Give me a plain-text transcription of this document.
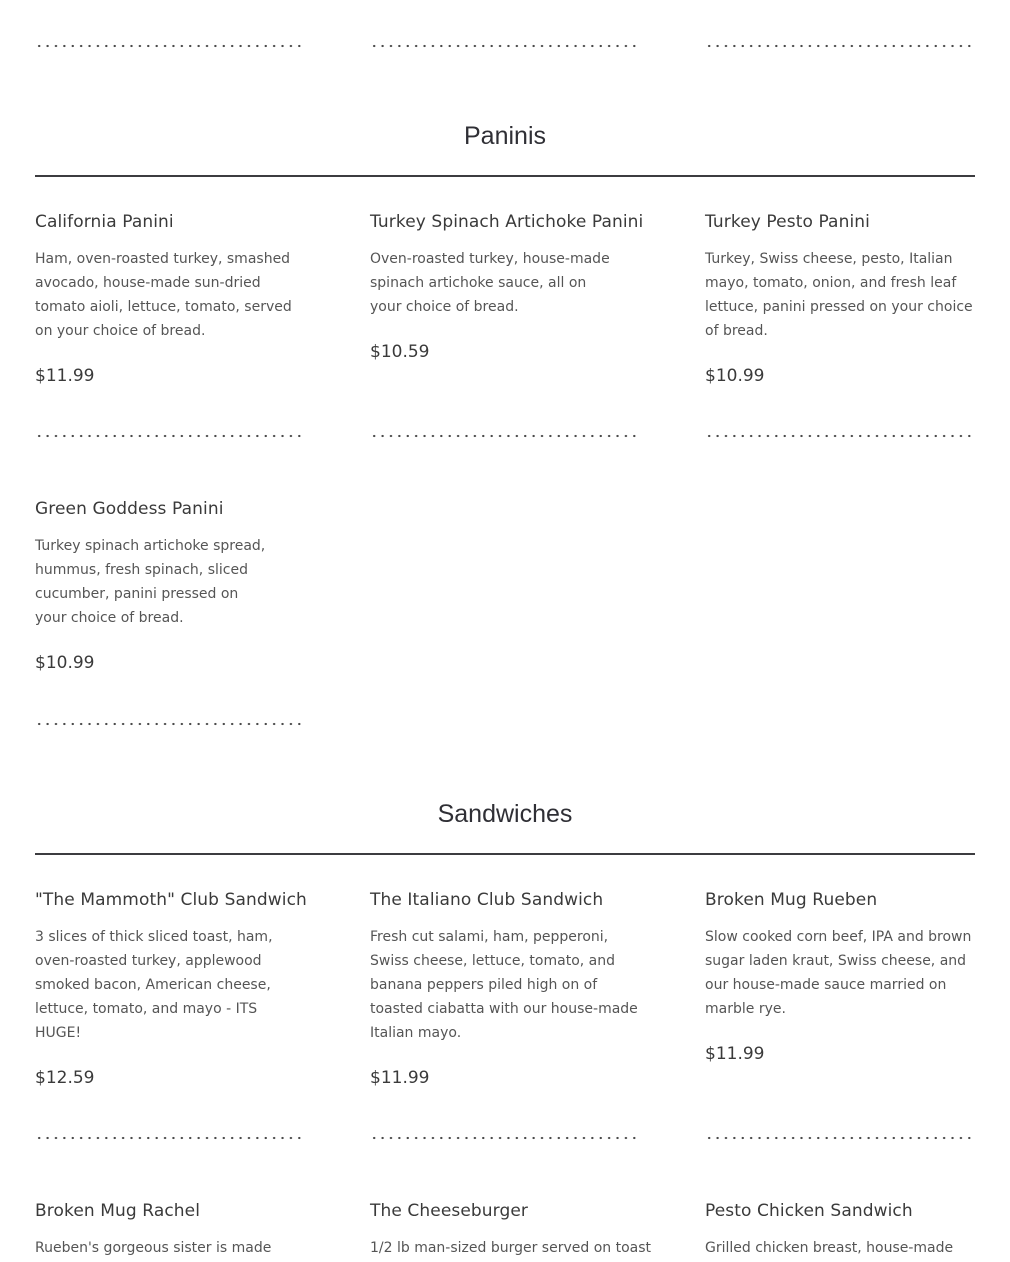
Paninis
California Panini
Ham, oven-roasted turkey, smashed avocado, house-made sun-dried tomato aioli, lettuce, tomato, served on your choice of bread.
$11.99
Turkey Spinach Artichoke Panini
Oven-roasted turkey, house-made spinach artichoke sauce, all on your choice of bread.
$10.59
Turkey Pesto Panini
Turkey, Swiss cheese, pesto, Italian mayo, tomato, onion, and fresh leaf lettuce, panini pressed on your choice of bread.
$10.99
Green Goddess Panini
Turkey spinach artichoke spread, hummus, fresh spinach, sliced cucumber, panini pressed on your choice of bread.
$10.99
Sandwiches
"The Mammoth" Club Sandwich
3 slices of thick sliced toast, ham, oven-roasted turkey, applewood smoked bacon, American cheese, lettuce, tomato, and mayo - ITS HUGE!
$12.59
The Italiano Club Sandwich
Fresh cut salami, ham, pepperoni, Swiss cheese, lettuce, tomato, and banana peppers piled high on of toasted ciabatta with our house-made Italian mayo.
$11.99
Broken Mug Rueben
Slow cooked corn beef, IPA and brown sugar laden kraut, Swiss cheese, and our house-made sauce married on marble rye.
$11.99
Broken Mug Rachel
Rueben's gorgeous sister is made
The Cheeseburger
1/2 lb man-sized burger served on toast
Pesto Chicken Sandwich
Grilled chicken breast, house-made
